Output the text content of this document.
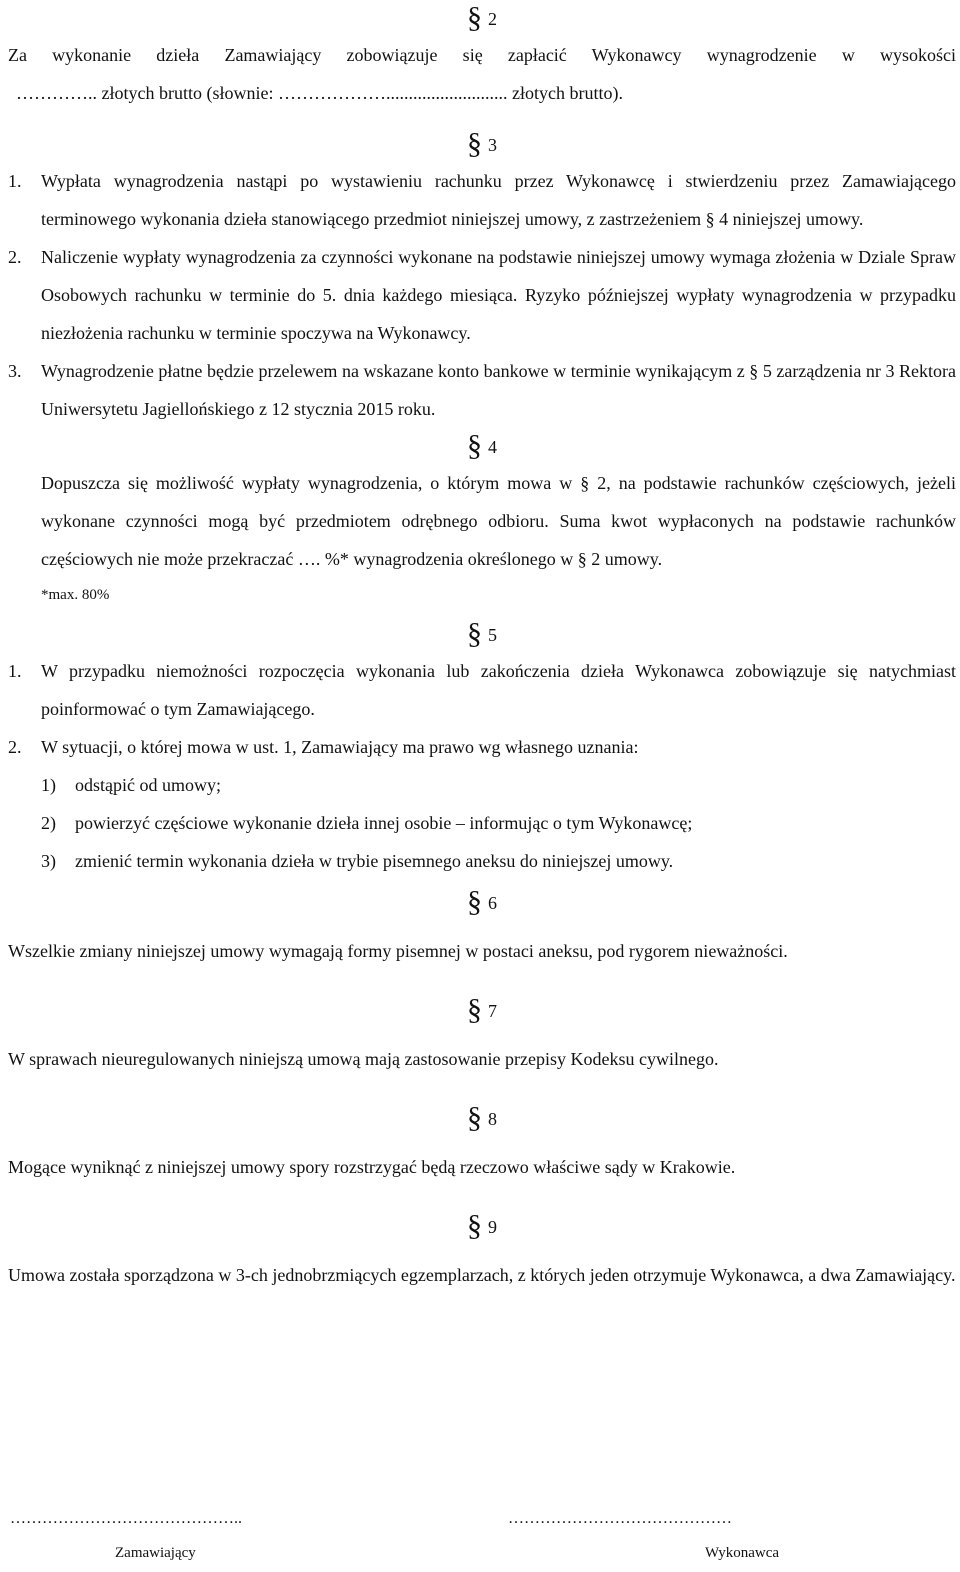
§ 2

Za wykonanie dzieła Zamawiający zobowiązuje się zapłacić Wykonawcy wynagrodzenie w wysokości

………….. złotych brutto (słownie: ………………........................... złotych brutto).

§ 3
1.	Wypłata wynagrodzenia nastąpi po wystawieniu rachunku przez Wykonawcę i stwierdzeniu przez Zamawiającego terminowego wykonania dzieła stanowiącego przedmiot niniejszej umowy, z zastrzeżeniem § 4 niniejszej umowy.
2.	Naliczenie wypłaty wynagrodzenia za czynności wykonane na podstawie niniejszej umowy wymaga złożenia w Dziale Spraw Osobowych rachunku w terminie do 5. dnia każdego miesiąca. Ryzyko późniejszej wypłaty wynagrodzenia w przypadku niezłożenia rachunku w terminie spoczywa na Wykonawcy.
3.	Wynagrodzenie płatne będzie przelewem na wskazane konto bankowe w terminie wynikającym z § 5 zarządzenia nr 3 Rektora Uniwersytetu Jagiellońskiego z 12 stycznia 2015 roku.
§ 4

Dopuszcza się możliwość wypłaty wynagrodzenia, o którym mowa w § 2, na podstawie rachunków częściowych, jeżeli wykonane czynności mogą być przedmiotem odrębnego odbioru. Suma kwot wypłaconych na podstawie rachunków częściowych nie może przekraczać …. %* wynagrodzenia określonego w § 2 umowy.

*max. 80%

§ 5
1.	W przypadku niemożności rozpoczęcia wykonania lub zakończenia dzieła Wykonawca zobowiązuje się natychmiast poinformować o tym Zamawiającego.
2.	W sytuacji, o której mowa w ust. 1, Zamawiający ma prawo wg własnego uznania:
1)	odstąpić od umowy;
2)	powierzyć częściowe wykonanie dzieła innej osobie – informując o tym Wykonawcę;
3)	zmienić termin wykonania dzieła w trybie pisemnego aneksu do niniejszej umowy.
§ 6

Wszelkie zmiany niniejszej umowy wymagają formy pisemnej w postaci aneksu, pod rygorem nieważności.

§ 7

W sprawach nieuregulowanych niniejszą umową mają zastosowanie przepisy Kodeksu cywilnego.

§ 8

Mogące wyniknąć z niniejszej umowy spory rozstrzygać będą rzeczowo właściwe sądy w Krakowie.

§ 9

Umowa została sporządzona w 3-ch jednobrzmiących egzemplarzach, z których jeden otrzymuje Wykonawca, a dwa Zamawiający.

……………………………………..	……………………………………
Zamawiający	Wykonawca
